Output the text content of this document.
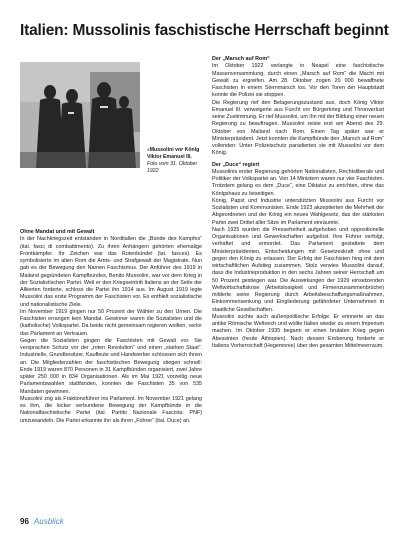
Italien: Mussolinis faschistische Herrschaft beginnt
■ Mussolini vor König Viktor Emanuel III.
Foto vom 31. Oktober 1922

Ohne Mandat und mit Gewalt

In der Nachkriegszeit entstanden in Norditalien die „Bünde des Kampfes“ (ital. fasci di combattimento). Zu ihren Anhängern gehörten ehemalige Frontkämpfer. Ihr Zeichen war das Rutenbündel (lat. fasces). Es symbolisierte im alten Rom die Amts- und Strafgewalt der Magistrate. Nun gab es der Bewegung den Namen Faschismus. Der Anführer des 1919 in Mailand gegründeten Kampfbundes, Benito Mussolini, war vor dem Krieg in der Sozialistischen Partei. Weil er den Kriegseintritt Italiens an der Seite der Alliierten forderte, schloss die Partei ihn 1914 aus. Im August 1919 legte Mussolini das erste Programm der Faschisten vor. Es enthielt sozialistische und nationalistische Ziele.

Im November 1919 gingen nur 50 Prozent der Wähler zu den Urnen. Die Faschisten errangen kein Mandat. Gewinner waren die Sozialisten und die (katholische) Volkspartei. Da beide nicht gemeinsam regieren wollten, verlor das Parlament an Vertrauen.

Gegen die Sozialisten gingen die Faschisten mit Gewalt vor. Sie versprachen Schutz vor der „roten Revolution“ und einen „starken Staat“. Industrielle, Grundbesitzer, Kaufleute und Handwerker schlossen sich ihnen an. Die Mitgliederzahlen der faschistischen Bewegung stiegen schnell: Ende 1919 waren 870 Personen in 31 Kampfbünden organisiert, zwei Jahre später 250 000 in 834 Organisationen. Als im Mai 1921 vorzeitig neue Parlamentswahlen stattfanden, konnten die Faschisten 35 von 535 Mandaten gewinnen.

Mussolini zog als Fraktionsführer ins Parlament. Im November 1921 gelang es ihm, die locker verbundene Bewegung der Kampfbünde in die Nationalfaschistische Partei (ital. Partito Nazionale Fascista: PNF) umzuwandeln. Die Partei erkannte ihn als ihren „Führer“ (ital. Duce) an.

Der „Marsch auf Rom“

Im Oktober 1922 verlangte in Neapel eine faschistische Massenversammlung, durch einen „Marsch auf Rom“ die Macht mit Gewalt zu ergreifen. Am 28. Oktober zogen 20 000 bewaffnete Faschisten in einem Sternmarsch los. Vor den Toren der Hauptstadt konnte die Polizei sie stoppen.

Die Regierung rief den Belagerungszustand aus, doch König Viktor Emanuel III. verweigerte aus Furcht vor Bürgerkrieg und Thronverlust seine Zustimmung. Er rief Mussolini, um ihn mit der Bildung einer neuen Regierung zu beauftragen. Mussolini reiste erst am Abend des 29. Oktober von Mailand nach Rom. Einen Tag später war er Ministerpräsident. Jetzt konnten die Kampfbünde den „Marsch auf Rom“ vollenden: Unter Polizeischutz paradierten sie mit Mussolini vor dem König.

Der „Duce“ regiert

Mussolinis erster Regierung gehörten Nationalisten, Rechtsliberale und Politiker der Volkspartei an. Von 14 Ministern waren nur vier Faschisten. Trotzdem gelang es dem „Duce“, eine Diktatur zu errichten, ohne das Königshaus zu beseitigen.

König, Papst und Industrie unterstützten Mussolini aus Furcht vor Sozialisten und Kommunisten. Ende 1923 akzeptierten die Mehrheit der Abgeordneten und der König ein neues Wahlgesetz, das der stärksten Partei zwei Drittel aller Sitze im Parlament einräumte.

Nach 1925 wurden die Pressefreiheit aufgehoben und oppositionelle Organisationen und Gewerkschaften aufgelöst. Ihre Führer verfolgt, verhaftet und ermordet. Das Parlament gestattete dem Ministerpräsidenten, Entscheidungen mit Gesetzeskraft ohne und gegen den König zu erlassen. Der Erfolg der Faschisten hing mit dem wirtschaftlichen Aufstieg zusammen. Stolz verwies Mussolini darauf, dass die Industrieproduktion in den sechs Jahren seiner Herrschaft um 50 Prozent gestiegen war. Die Auswirkungen der 1929 einsetzenden Weltwirtschaftskrise (Arbeitslosigkeit und Firmenzusammenbrüche) milderte seine Regierung durch Arbeitsbeschaffungsmaßnahmen, Einkommensenkung und Eingliederung gefährdeter Unternehmen in staatliche Gesellschaften.

Mussolini suchte auch außenpolitische Erfolge. Er erinnerte an das antike Römische Weltreich und wollte Italien wieder zu einem Imperium machen. Im Oktober 1935 begann er einen brutalen Krieg gegen Abessinien (heute Äthiopien). Nach dessen Eroberung forderte er Italiens Vorherrschaft (Hegemonie) über den gesamten Mittelmeerraum.

96 Ausblick
